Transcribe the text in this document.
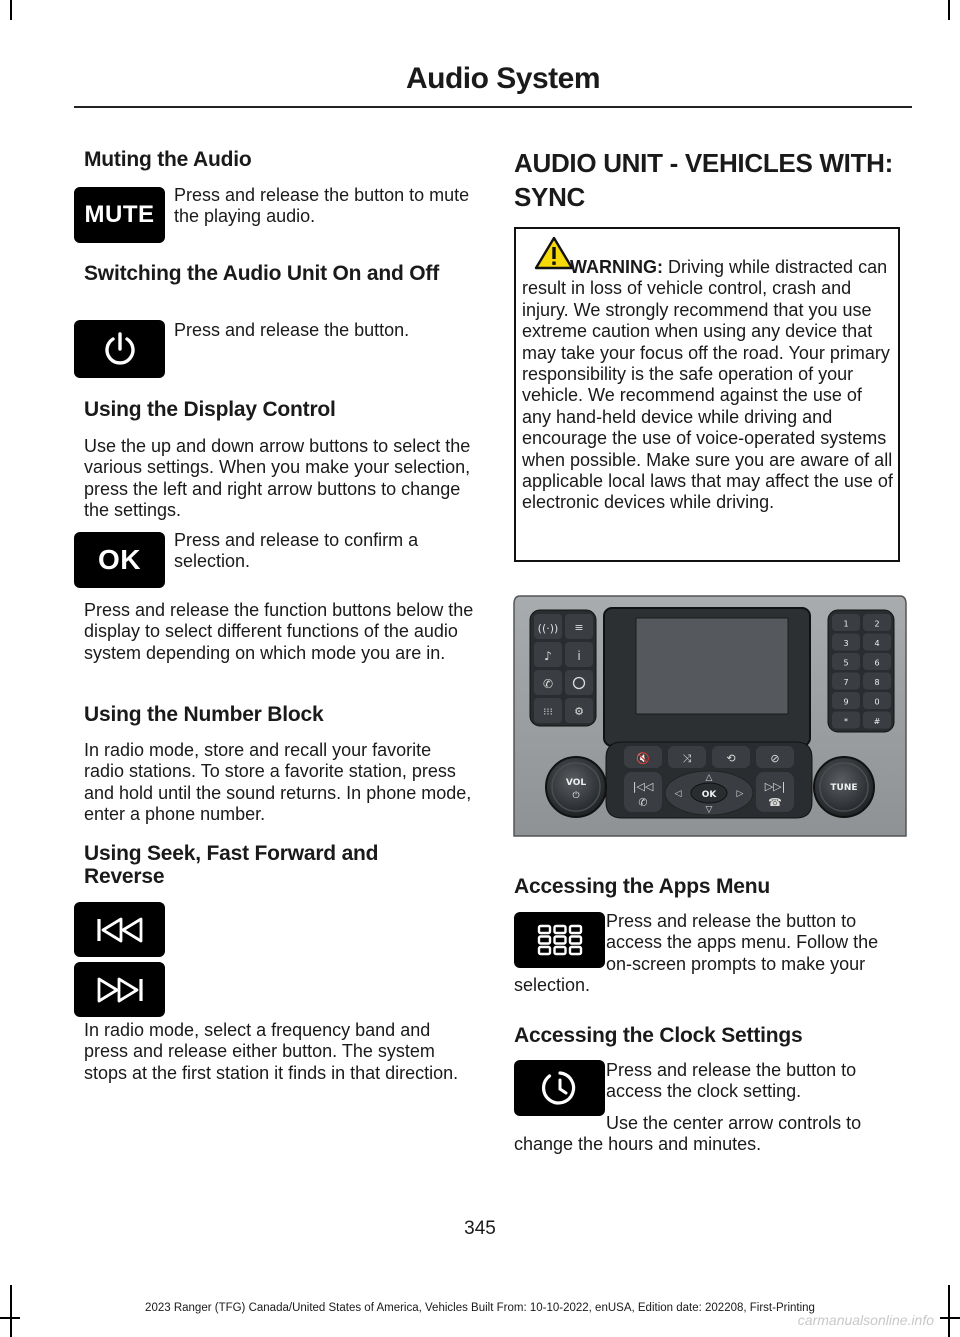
Audio System
Muting the Audio
MUTE

Press and release the button to mute the playing audio.

Switching the Audio Unit On and Off

Press and release the button.

Using the Display Control

Use the up and down arrow buttons to select the various settings. When you make your selection, press the left and right arrow buttons to change the settings.

OK

Press and release to confirm a selection.

Press and release the function buttons below the display to select different functions of the audio system depending on which mode you are in.

Using the Number Block

In radio mode, store and recall your favorite radio stations. To store a favorite station, press and hold until the sound returns. In phone mode, enter a phone number.

Using Seek, Fast Forward and Reverse

In radio mode, select a frequency band and press and release either button. The system stops at the first station it finds in that direction.

AUDIO UNIT - VEHICLES WITH: SYNC

WARNING: Driving while distracted can result in loss of vehicle control, crash and injury. We strongly recommend that you use extreme caution when using any device that may take your focus off the road. Your primary responsibility is the safe operation of your vehicle. We recommend against the use of any hand-held device while driving and encourage the use of voice-operated systems when possible. Make sure you are aware of all applicable local laws that may affect the use of electronic devices while driving.

((·)) ≡
♪ i
✆
⁝⁝⁝ ⚙
1	2
3	4
5	6
7	8
9	0
*	#
🔇	⤨	⟲	⊘
|◁◁
✆
▷▷|
☎
△
▽
◁	▷
OK
VOL
⏻
TUNE
Accessing the Apps Menu

Press and release the button to access the apps menu. Follow the on-screen prompts to make your selection.

Accessing the Clock Settings

Press and release the button to access the clock setting.

Use the center arrow controls to change the hours and minutes.

345
2023 Ranger (TFG) Canada/United States of America, Vehicles Built From: 10-10-2022, enUSA, Edition date: 202208, First-Printing
carmanualsonline.info
